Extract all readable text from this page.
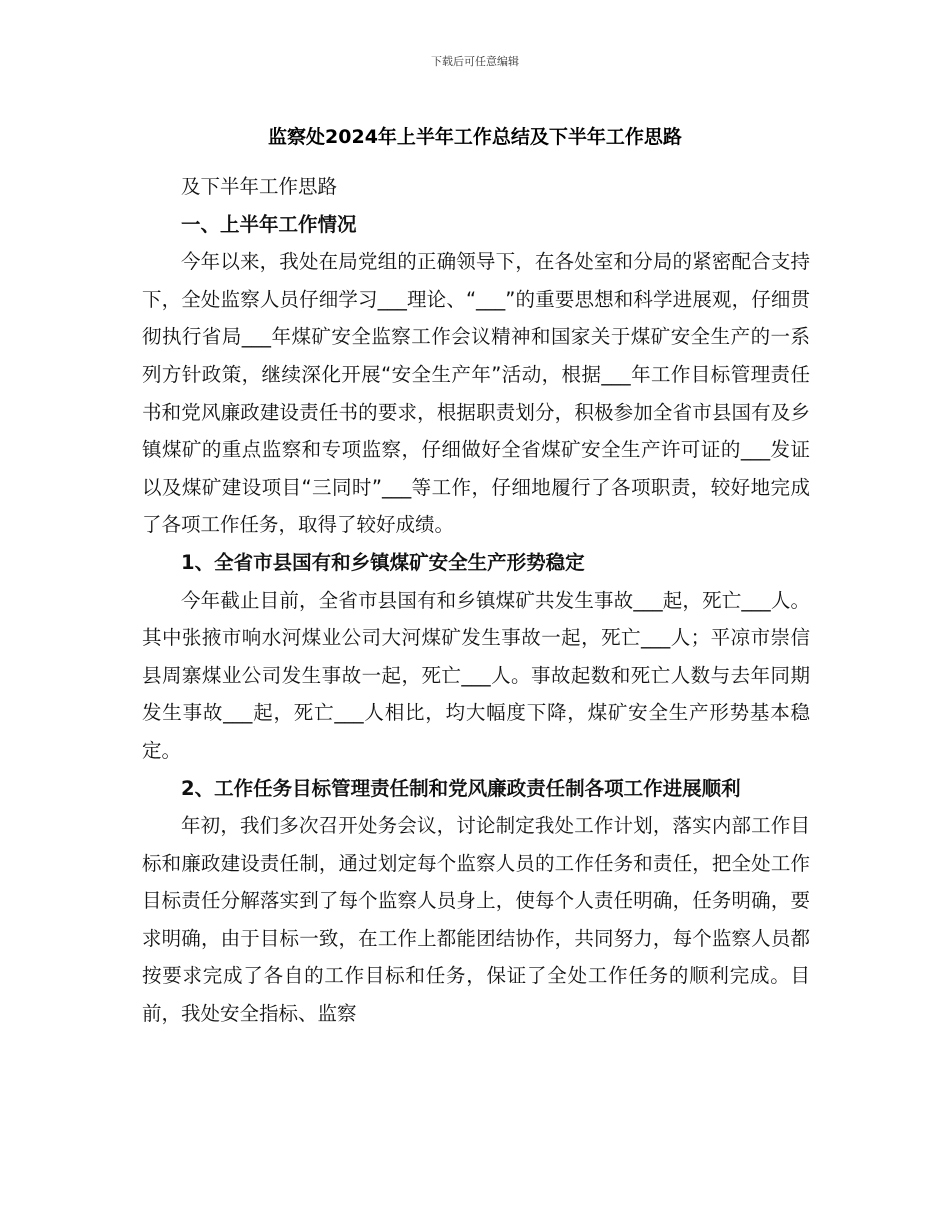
下载后可任意编辑
监察处2024年上半年工作总结及下半年工作思路

及下半年工作思路

一、上半年工作情况

今年以来，我处在局党组的正确领导下，在各处室和分局的紧密配合支持下，全处监察人员仔细学习___理论、“___”的重要思想和科学进展观，仔细贯彻执行省局___年煤矿安全监察工作会议精神和国家关于煤矿安全生产的一系列方针政策，继续深化开展“安全生产年”活动，根据___年工作目标管理责任书和党风廉政建设责任书的要求，根据职责划分，积极参加全省市县国有及乡镇煤矿的重点监察和专项监察，仔细做好全省煤矿安全生产许可证的___发证以及煤矿建设项目“三同时”___等工作，仔细地履行了各项职责，较好地完成了各项工作任务，取得了较好成绩。

1、全省市县国有和乡镇煤矿安全生产形势稳定

今年截止目前，全省市县国有和乡镇煤矿共发生事故___起，死亡___人。其中张掖市响水河煤业公司大河煤矿发生事故一起，死亡___人；平凉市崇信县周寨煤业公司发生事故一起，死亡___人。事故起数和死亡人数与去年同期发生事故___起，死亡___人相比，均大幅度下降，煤矿安全生产形势基本稳定。

2、工作任务目标管理责任制和党风廉政责任制各项工作进展顺利

年初，我们多次召开处务会议，讨论制定我处工作计划，落实内部工作目标和廉政建设责任制，通过划定每个监察人员的工作任务和责任，把全处工作目标责任分解落实到了每个监察人员身上，使每个人责任明确，任务明确，要求明确，由于目标一致，在工作上都能团结协作，共同努力，每个监察人员都按要求完成了各自的工作目标和任务，保证了全处工作任务的顺利完成。目前，我处安全指标、监察
